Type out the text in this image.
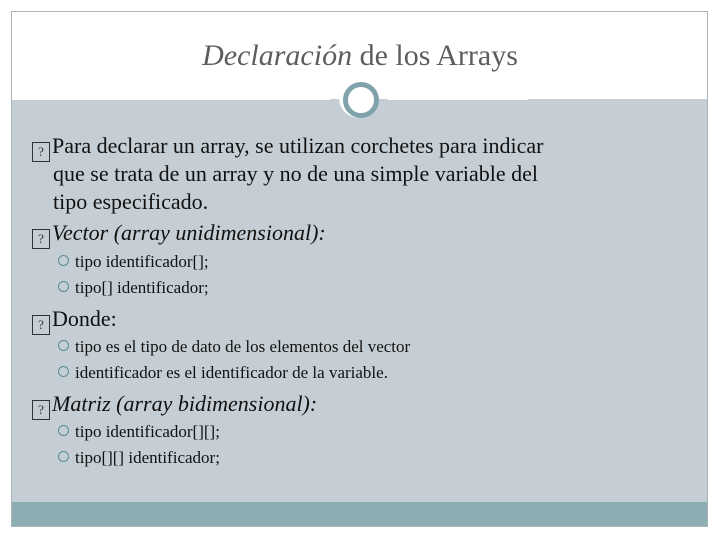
Declaración de los Arrays
? Para declarar un array, se utilizan corchetes para indicar
que se trata de un array y no de una simple variable del
tipo especificado.
? Vector (array unidimensional):
tipo identificador[];
tipo[] identificador;
? Donde:
tipo es el tipo de dato de los elementos del vector
identificador es el identificador de la variable.
? Matriz (array bidimensional):
tipo identificador[][];
tipo[][] identificador;
